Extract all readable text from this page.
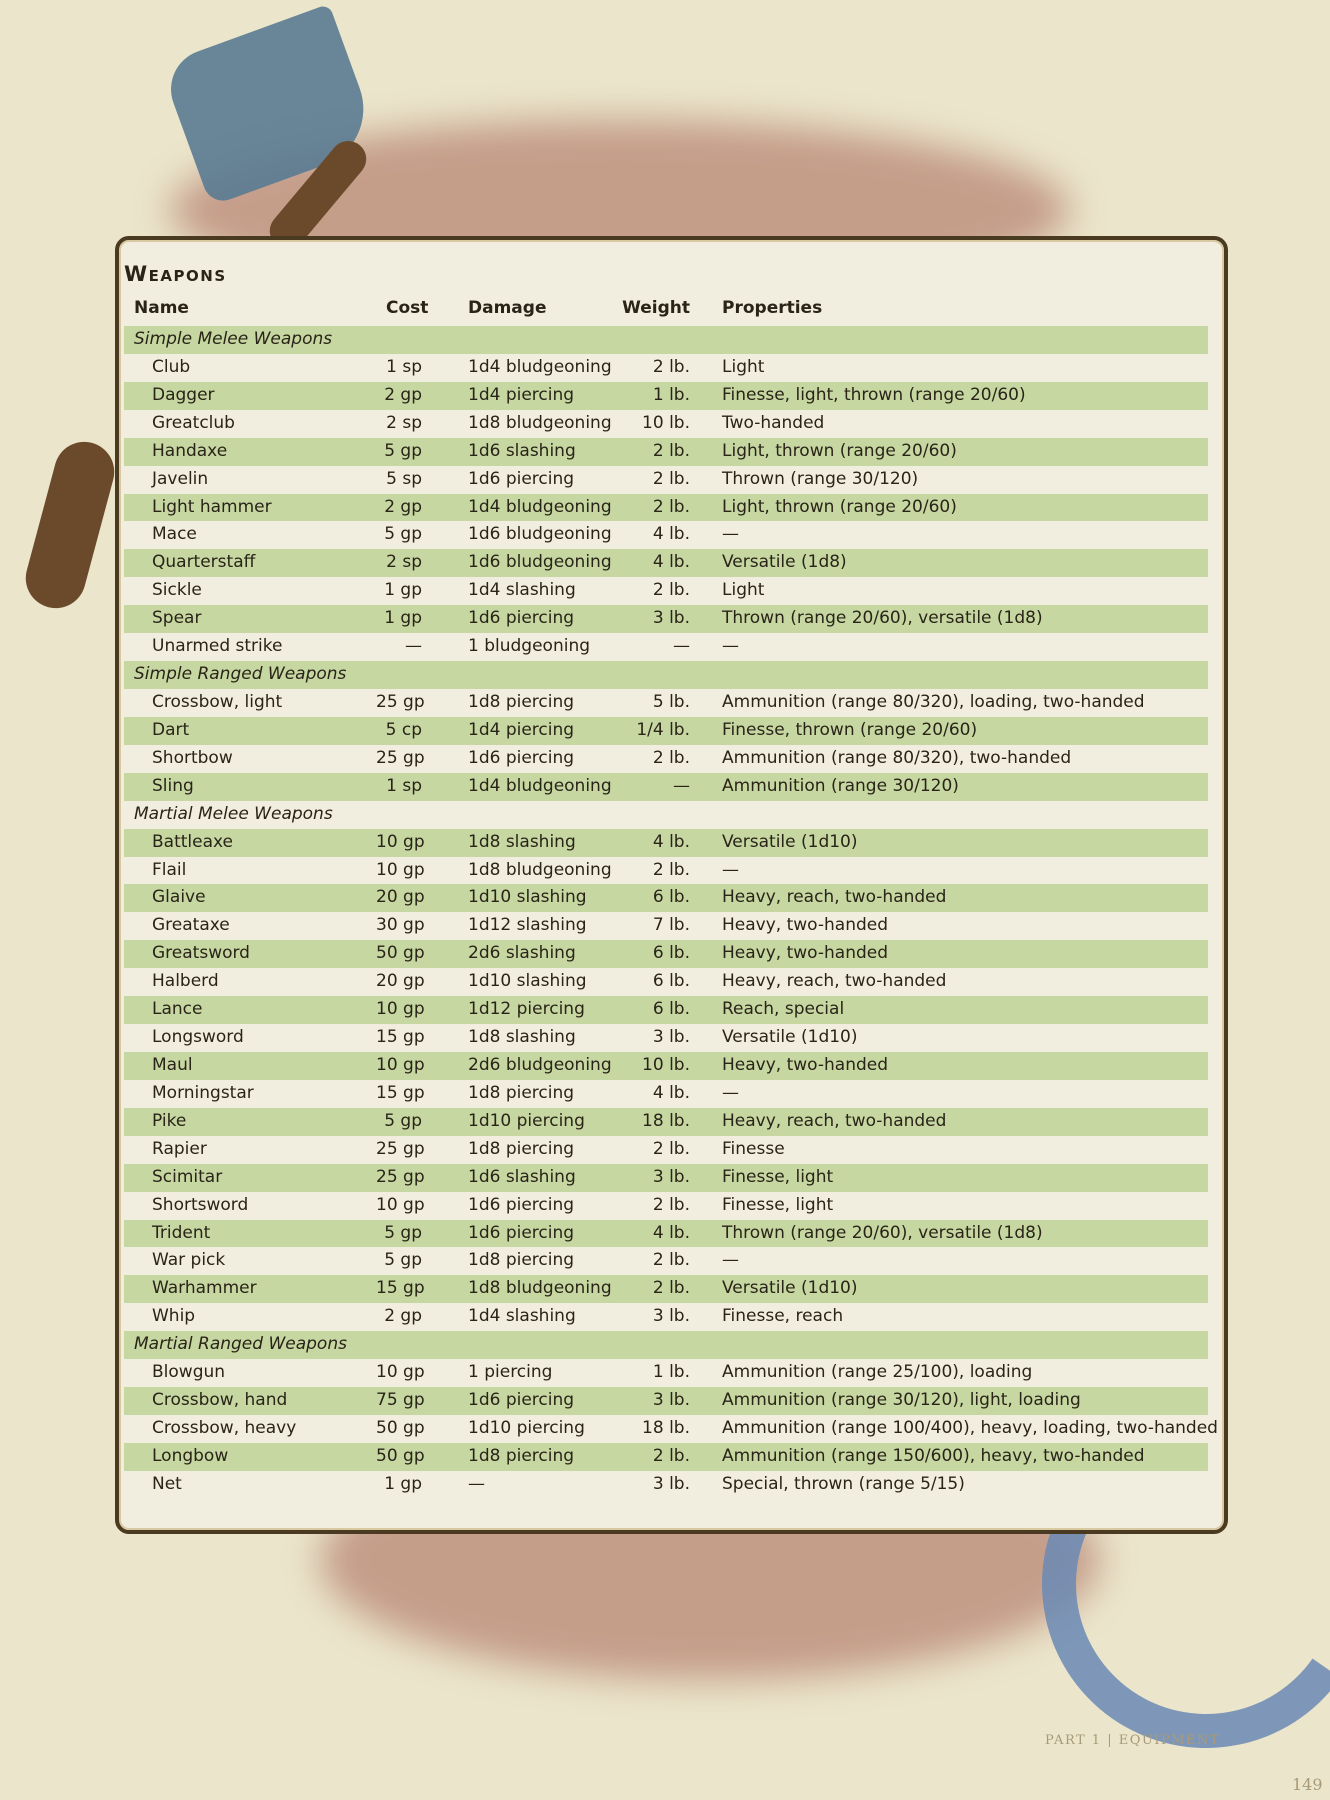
Weapons
Name	Cost	Damage	Weight Properties
Simple Melee Weapons
Club	1 sp	1d4 bludgeoning	2 lb. Light
Dagger	2 gp	1d4 piercing	1 lb. Finesse, light, thrown (range 20/60)
Greatclub	2 sp	1d8 bludgeoning	10 lb. Two-handed
Handaxe	5 gp	1d6 slashing	2 lb. Light, thrown (range 20/60)
Javelin	5 sp	1d6 piercing	2 lb. Thrown (range 30/120)
Light hammer	2 gp	1d4 bludgeoning	2 lb. Light, thrown (range 20/60)
Mace	5 gp	1d6 bludgeoning	4 lb. —
Quarterstaff	2 sp	1d6 bludgeoning	4 lb. Versatile (1d8)
Sickle	1 gp	1d4 slashing	2 lb. Light
Spear	1 gp	1d6 piercing	3 lb. Thrown (range 20/60), versatile (1d8)
Unarmed strike	—	1 bludgeoning	— —
Simple Ranged Weapons
Crossbow, light	25 gp	1d8 piercing	5 lb. Ammunition (range 80/320), loading, two-handed
Dart	5 cp	1d4 piercing	1/4 lb. Finesse, thrown (range 20/60)
Shortbow	25 gp	1d6 piercing	2 lb. Ammunition (range 80/320), two-handed
Sling	1 sp	1d4 bludgeoning	— Ammunition (range 30/120)
Martial Melee Weapons
Battleaxe	10 gp	1d8 slashing	4 lb. Versatile (1d10)
Flail	10 gp	1d8 bludgeoning	2 lb. —
Glaive	20 gp	1d10 slashing	6 lb. Heavy, reach, two-handed
Greataxe	30 gp	1d12 slashing	7 lb. Heavy, two-handed
Greatsword	50 gp	2d6 slashing	6 lb. Heavy, two-handed
Halberd	20 gp	1d10 slashing	6 lb. Heavy, reach, two-handed
Lance	10 gp	1d12 piercing	6 lb. Reach, special
Longsword	15 gp	1d8 slashing	3 lb. Versatile (1d10)
Maul	10 gp	2d6 bludgeoning	10 lb. Heavy, two-handed
Morningstar	15 gp	1d8 piercing	4 lb. —
Pike	5 gp	1d10 piercing	18 lb. Heavy, reach, two-handed
Rapier	25 gp	1d8 piercing	2 lb. Finesse
Scimitar	25 gp	1d6 slashing	3 lb. Finesse, light
Shortsword	10 gp	1d6 piercing	2 lb. Finesse, light
Trident	5 gp	1d6 piercing	4 lb. Thrown (range 20/60), versatile (1d8)
War pick	5 gp	1d8 piercing	2 lb. —
Warhammer	15 gp	1d8 bludgeoning	2 lb. Versatile (1d10)
Whip	2 gp	1d4 slashing	3 lb. Finesse, reach
Martial Ranged Weapons
Blowgun	10 gp	1 piercing	1 lb. Ammunition (range 25/100), loading
Crossbow, hand	75 gp	1d6 piercing	3 lb. Ammunition (range 30/120), light, loading
Crossbow, heavy	50 gp	1d10 piercing	18 lb. Ammunition (range 100/400), heavy, loading, two-handed
Longbow	50 gp	1d8 piercing	2 lb. Ammunition (range 150/600), heavy, two-handed
Net	1 gp	—	3 lb. Special, thrown (range 5/15)
PART 1 | EQUIPMENT
149
